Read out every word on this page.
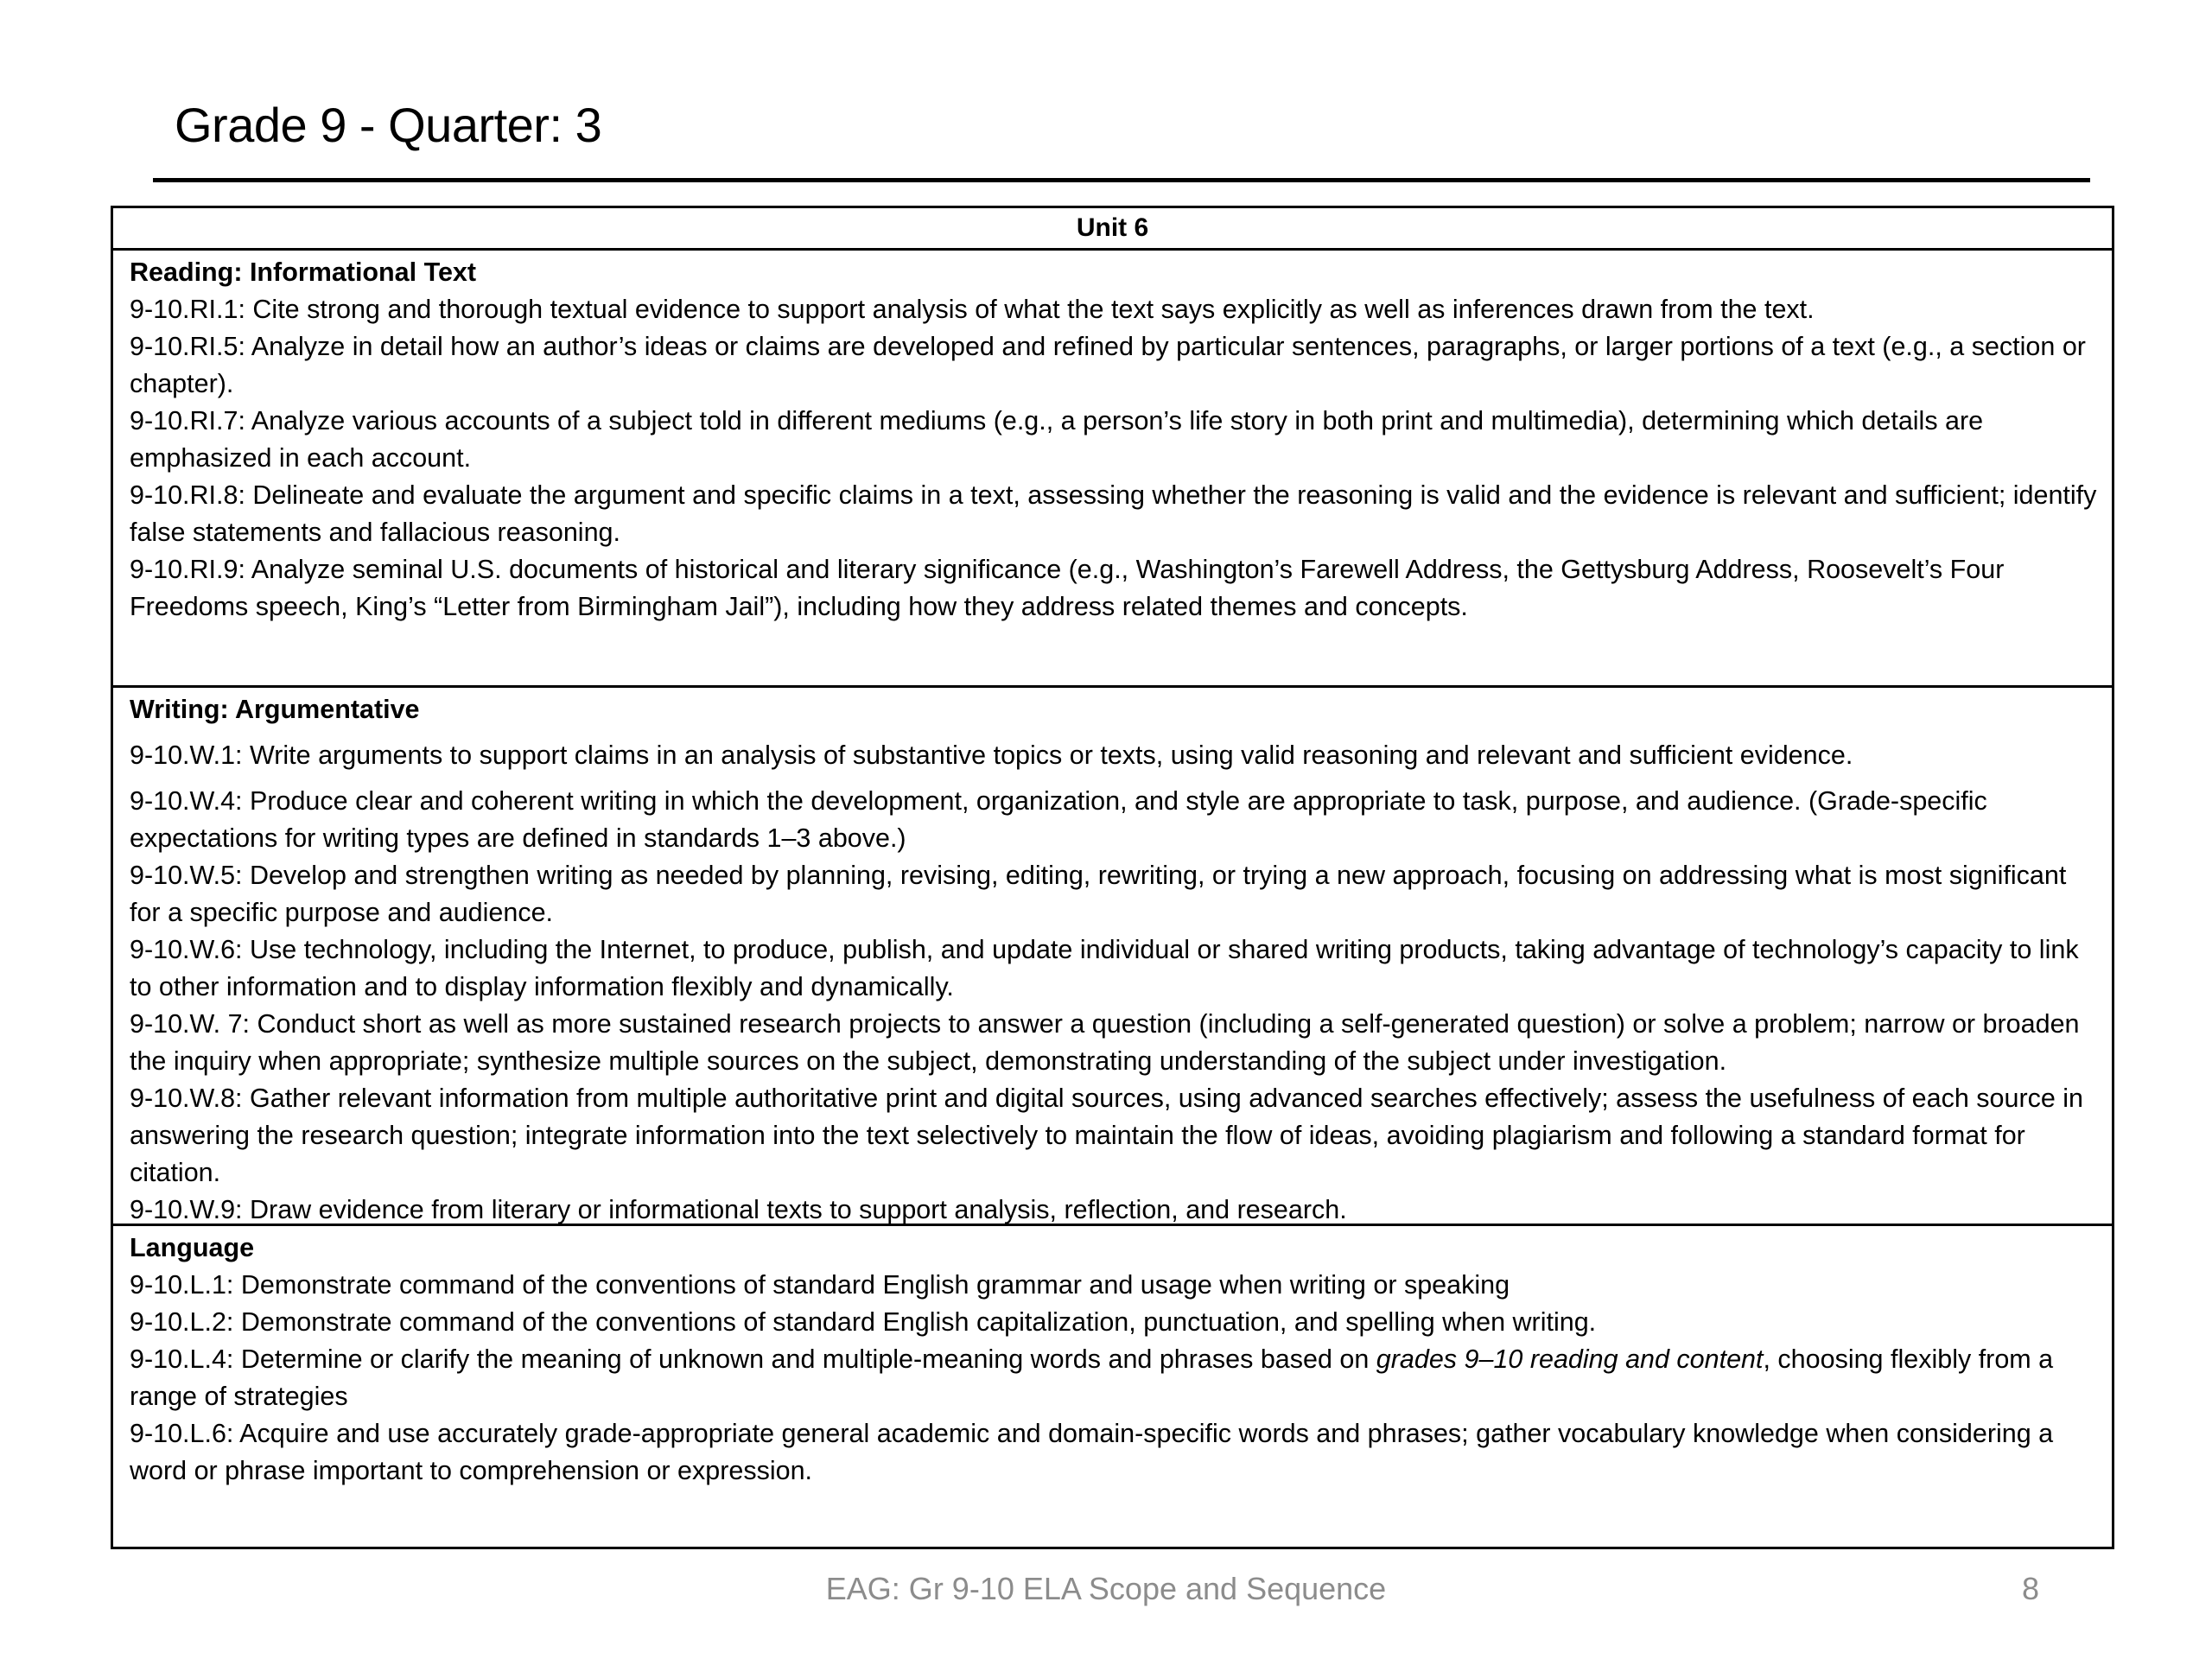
Grade 9 - Quarter: 3
Unit 6
Reading: Informational Text

9-10.RI.1: Cite strong and thorough textual evidence to support analysis of what the text says explicitly as well as inferences drawn from the text.

9-10.RI.5: Analyze in detail how an author’s ideas or claims are developed and refined by particular sentences, paragraphs, or larger portions of a text (e.g., a section or chapter).

9-10.RI.7: Analyze various accounts of a subject told in different mediums (e.g., a person’s life story in both print and multimedia), determining which details are emphasized in each account.

9-10.RI.8: Delineate and evaluate the argument and specific claims in a text, assessing whether the reasoning is valid and the evidence is relevant and sufficient; identify false statements and fallacious reasoning.

9-10.RI.9: Analyze seminal U.S. documents of historical and literary significance (e.g., Washington’s Farewell Address, the Gettysburg Address, Roosevelt’s Four Freedoms speech, King’s “Letter from Birmingham Jail”), including how they address related themes and concepts.

Writing: Argumentative

9-10.W.1: Write arguments to support claims in an analysis of substantive topics or texts, using valid reasoning and relevant and sufficient evidence.

9-10.W.4: Produce clear and coherent writing in which the development, organization, and style are appropriate to task, purpose, and audience. (Grade-specific expectations for writing types are defined in standards 1–3 above.)

9-10.W.5: Develop and strengthen writing as needed by planning, revising, editing, rewriting, or trying a new approach, focusing on addressing what is most significant for a specific purpose and audience.

9-10.W.6: Use technology, including the Internet, to produce, publish, and update individual or shared writing products, taking advantage of technology’s capacity to link to other information and to display information flexibly and dynamically.

9-10.W. 7: Conduct short as well as more sustained research projects to answer a question (including a self-generated question) or solve a problem; narrow or broaden the inquiry when appropriate; synthesize multiple sources on the subject, demonstrating understanding of the subject under investigation.

9-10.W.8: Gather relevant information from multiple authoritative print and digital sources, using advanced searches effectively; assess the usefulness of each source in answering the research question; integrate information into the text selectively to maintain the flow of ideas, avoiding plagiarism and following a standard format for citation.

9-10.W.9: Draw evidence from literary or informational texts to support analysis, reflection, and research.

Language

9-10.L.1: Demonstrate command of the conventions of standard English grammar and usage when writing or speaking

9-10.L.2: Demonstrate command of the conventions of standard English capitalization, punctuation, and spelling when writing.

9-10.L.4: Determine or clarify the meaning of unknown and multiple-meaning words and phrases based on grades 9–10 reading and content, choosing flexibly from a range of strategies

9-10.L.6: Acquire and use accurately grade-appropriate general academic and domain-specific words and phrases; gather vocabulary knowledge when considering a word or phrase important to comprehension or expression.

EAG: Gr 9-10 ELA Scope and Sequence	8
